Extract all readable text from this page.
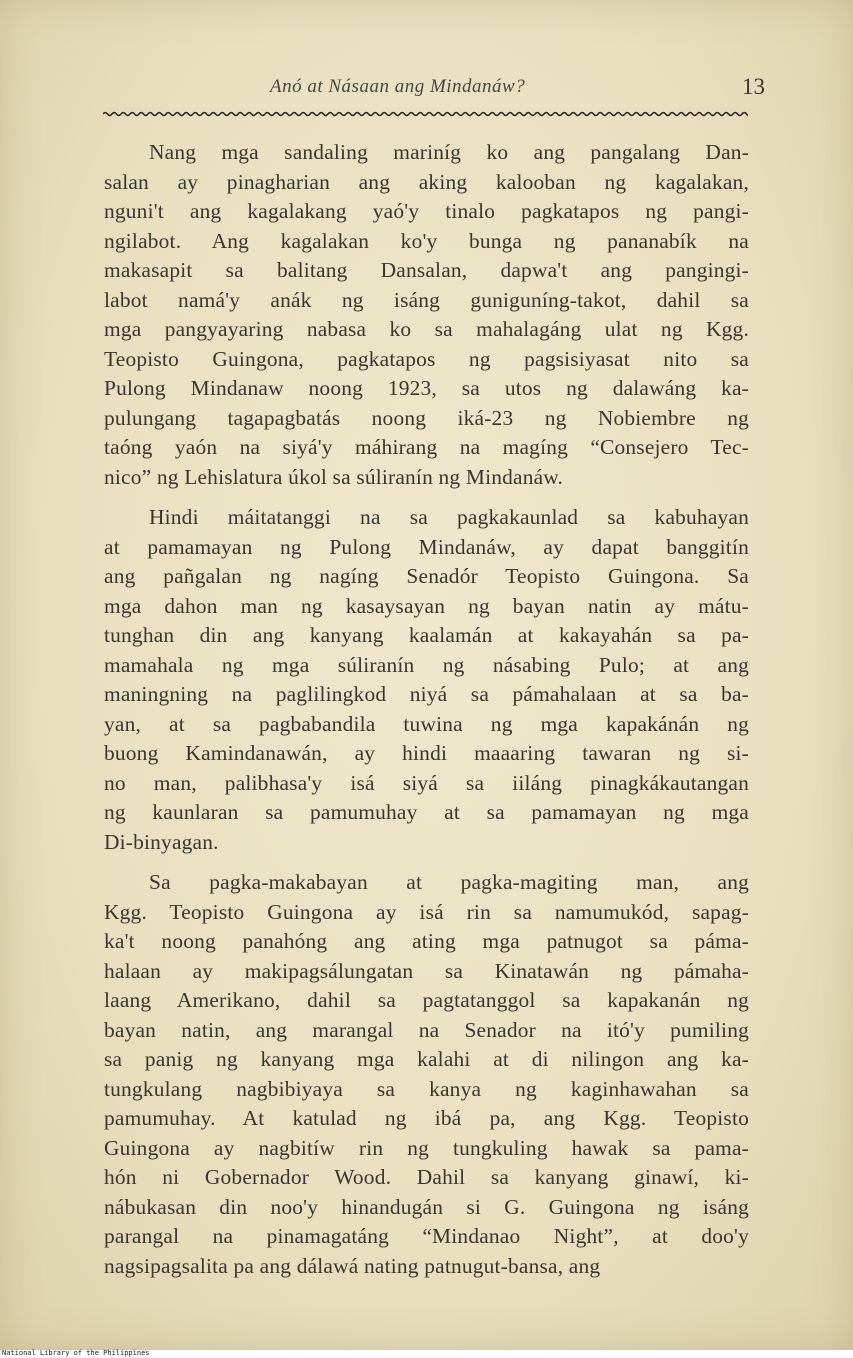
Anó at Násaan ang Mindanáw?	13
Nang mga sandaling mariníg ko ang pangalang Dan-
salan ay pinagharian ang aking kalooban ng kagalakan,
nguni't ang kagalakang yaó'y tinalo pagkatapos ng pangi-
ngilabot. Ang kagalakan ko'y bunga ng pananabík na
makasapit sa balitang Dansalan, dapwa't ang pangingi-
labot namá'y anák ng isáng guniguníng-takot, dahil sa
mga pangyayaring nabasa ko sa mahalagáng ulat ng Kgg.
Teopisto Guingona, pagkatapos ng pagsisiyasat nito sa
Pulong Mindanaw noong 1923, sa utos ng dalawáng ka-
pulungang tagapagbatás noong iká-23 ng Nobiembre ng
taóng yaón na siyá'y máhirang na magíng “Consejero Tec-
nico” ng Lehislatura úkol sa súliranín ng Mindanáw.
Hindi máitatanggi na sa pagkakaunlad sa kabuhayan
at pamamayan ng Pulong Mindanáw, ay dapat banggitín
ang pañgalan ng nagíng Senadór Teopisto Guingona. Sa
mga dahon man ng kasaysayan ng bayan natin ay mátu-
tunghan din ang kanyang kaalamán at kakayahán sa pa-
mamahala ng mga súliranín ng násabing Pulo; at ang
maningning na paglilingkod niyá sa pámahalaan at sa ba-
yan, at sa pagbabandila tuwina ng mga kapakánán ng
buong Kamindanawán, ay hindi maaaring tawaran ng si-
no man, palibhasa'y isá siyá sa iiláng pinagkákautangan
ng kaunlaran sa pamumuhay at sa pamamayan ng mga
Di-binyagan.
Sa pagka-makabayan at pagka-magiting man, ang
Kgg. Teopisto Guingona ay isá rin sa namumukód, sapag-
ka't noong panahóng ang ating mga patnugot sa páma-
halaan ay makipagsálungatan sa Kinatawán ng pámaha-
laang Amerikano, dahil sa pagtatanggol sa kapakanán ng
bayan natin, ang marangal na Senador na itó'y pumiling
sa panig ng kanyang mga kalahi at di nilingon ang ka-
tungkulang nagbibiyaya sa kanya ng kaginhawahan sa
pamumuhay. At katulad ng ibá pa, ang Kgg. Teopisto
Guingona ay nagbitíw rin ng tungkuling hawak sa pama-
hón ni Gobernador Wood. Dahil sa kanyang ginawí, ki-
nábukasan din noo'y hinandugán si G. Guingona ng isáng
parangal na pinamagatáng “Mindanao Night”, at doo'y
nagsipagsalita pa ang dálawá nating patnugut-bansa, ang
National Library of the Philippines
